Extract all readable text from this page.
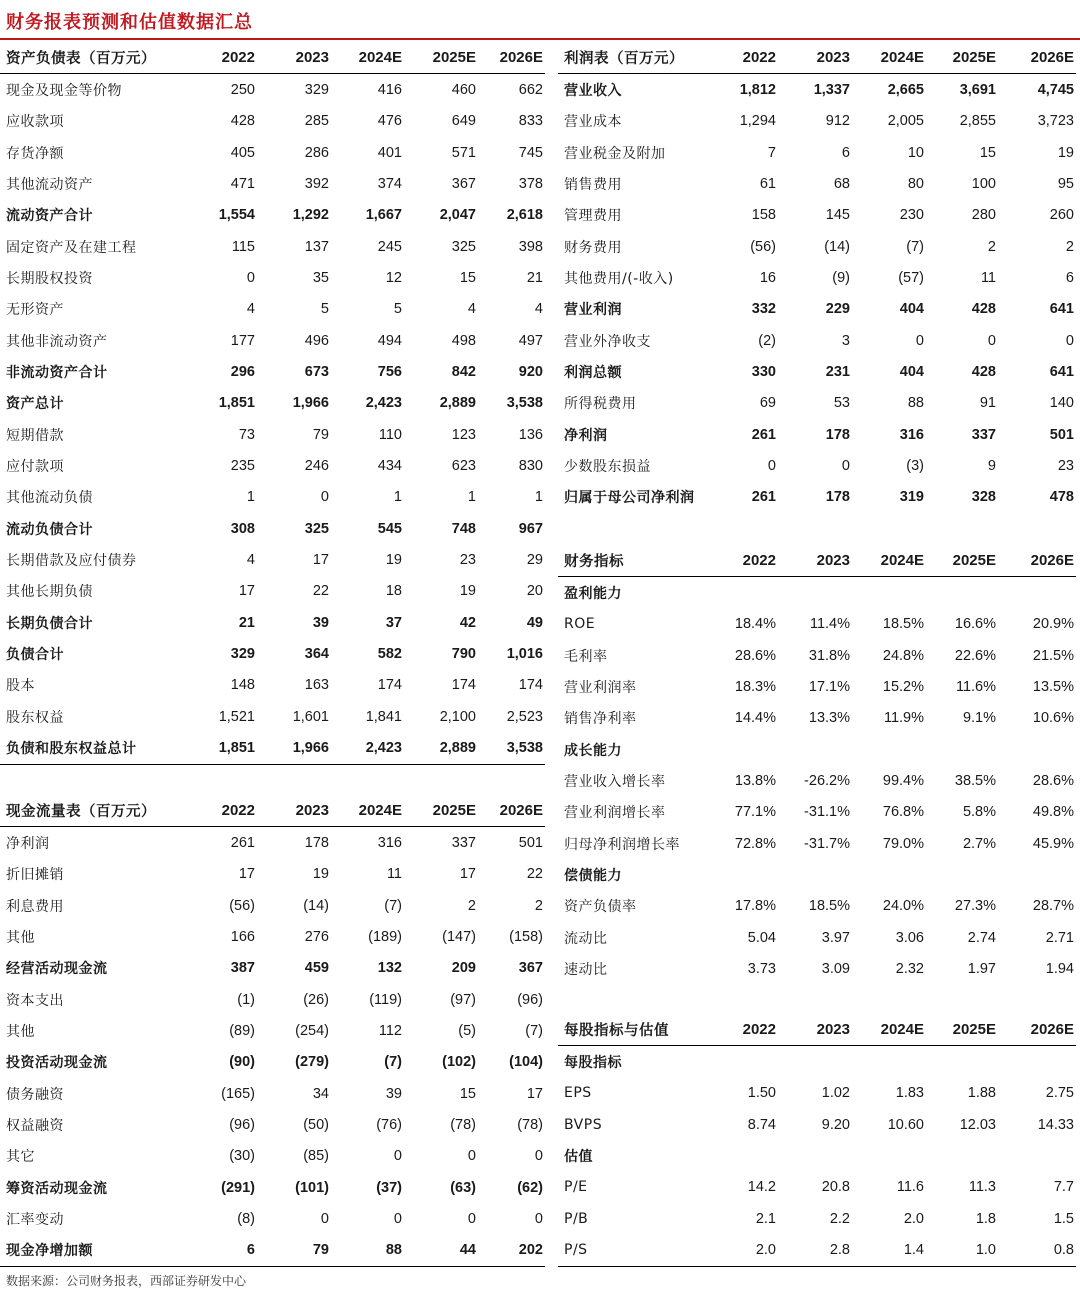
财务报表预测和估值数据汇总
资产负债表（百万元）	2022	2023	2024E	2025E	2026E
现金及现金等价物	250	329	416	460	662
应收款项	428	285	476	649	833
存货净额	405	286	401	571	745
其他流动资产	471	392	374	367	378
流动资产合计	1,554	1,292	1,667	2,047	2,618
固定资产及在建工程	115	137	245	325	398
长期股权投资	0	35	12	15	21
无形资产	4	5	5	4	4
其他非流动资产	177	496	494	498	497
非流动资产合计	296	673	756	842	920
资产总计	1,851	1,966	2,423	2,889	3,538
短期借款	73	79	110	123	136
应付款项	235	246	434	623	830
其他流动负债	1	0	1	1	1
流动负债合计	308	325	545	748	967
长期借款及应付债券	4	17	19	23	29
其他长期负债	17	22	18	19	20
长期负债合计	21	39	37	42	49
负债合计	329	364	582	790	1,016
股本	148	163	174	174	174
股东权益	1,521	1,601	1,841	2,100	2,523
负债和股东权益总计	1,851	1,966	2,423	2,889	3,538
现金流量表（百万元）	2022	2023	2024E	2025E	2026E
净利润	261	178	316	337	501
折旧摊销	17	19	11	17	22
利息费用	(56)	(14)	(7)	2	2
其他	166	276	(189)	(147)	(158)
经营活动现金流	387	459	132	209	367
资本支出	(1)	(26)	(119)	(97)	(96)
其他	(89)	(254)	112	(5)	(7)
投资活动现金流	(90)	(279)	(7)	(102)	(104)
债务融资	(165)	34	39	15	17
权益融资	(96)	(50)	(76)	(78)	(78)
其它	(30)	(85)	0	0	0
筹资活动现金流	(291)	(101)	(37)	(63)	(62)
汇率变动	(8)	0	0	0	0
现金净增加额	6	79	88	44	202
利润表（百万元）	2022	2023	2024E	2025E	2026E
营业收入	1,812	1,337	2,665	3,691	4,745
营业成本	1,294	912	2,005	2,855	3,723
营业税金及附加	7	6	10	15	19
销售费用	61	68	80	100	95
管理费用	158	145	230	280	260
财务费用	(56)	(14)	(7)	2	2
其他费用/(-收入)	16	(9)	(57)	11	6
营业利润	332	229	404	428	641
营业外净收支	(2)	3	0	0	0
利润总额	330	231	404	428	641
所得税费用	69	53	88	91	140
净利润	261	178	316	337	501
少数股东损益	0	0	(3)	9	23
归属于母公司净利润	261	178	319	328	478
财务指标	2022	2023	2024E	2025E	2026E
盈利能力					
ROE	18.4%	11.4%	18.5%	16.6%	20.9%
毛利率	28.6%	31.8%	24.8%	22.6%	21.5%
营业利润率	18.3%	17.1%	15.2%	11.6%	13.5%
销售净利率	14.4%	13.3%	11.9%	9.1%	10.6%
成长能力					
营业收入增长率	13.8%	-26.2%	99.4%	38.5%	28.6%
营业利润增长率	77.1%	-31.1%	76.8%	5.8%	49.8%
归母净利润增长率	72.8%	-31.7%	79.0%	2.7%	45.9%
偿债能力					
资产负债率	17.8%	18.5%	24.0%	27.3%	28.7%
流动比	5.04	3.97	3.06	2.74	2.71
速动比	3.73	3.09	2.32	1.97	1.94
每股指标与估值	2022	2023	2024E	2025E	2026E
每股指标					
EPS	1.50	1.02	1.83	1.88	2.75
BVPS	8.74	9.20	10.60	12.03	14.33
估值					
P/E	14.2	20.8	11.6	11.3	7.7
P/B	2.1	2.2	2.0	1.8	1.5
P/S	2.0	2.8	1.4	1.0	0.8
数据来源：公司财务报表，西部证券研发中心
